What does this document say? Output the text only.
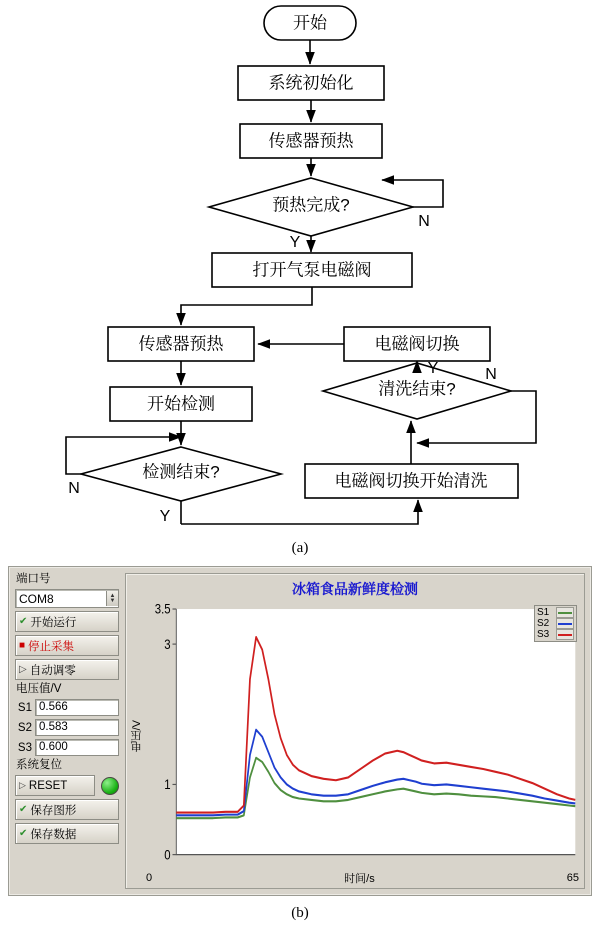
开始
系统初始化
传感器预热
预热完成?
N
Y
打开气泵电磁阀
传感器预热	电磁阀切换
开始检测
清洗结束?
Y	N
检测结束?
N
Y
电磁阀切换开始清洗
(a)
端口号
COM8	▲
▼
✔ 开始运行
■ 停止采集
▷ 自动调零
电压值/V
S1 0.566
S2 0.583
S3 0.600
系统复位
▷ RESET
✔ 保存图形
✔ 保存数据
冰箱食品新鲜度检测
电压/V
0
1
3
3.5	S1
S2
S3
0	时间/s	65
(b)
